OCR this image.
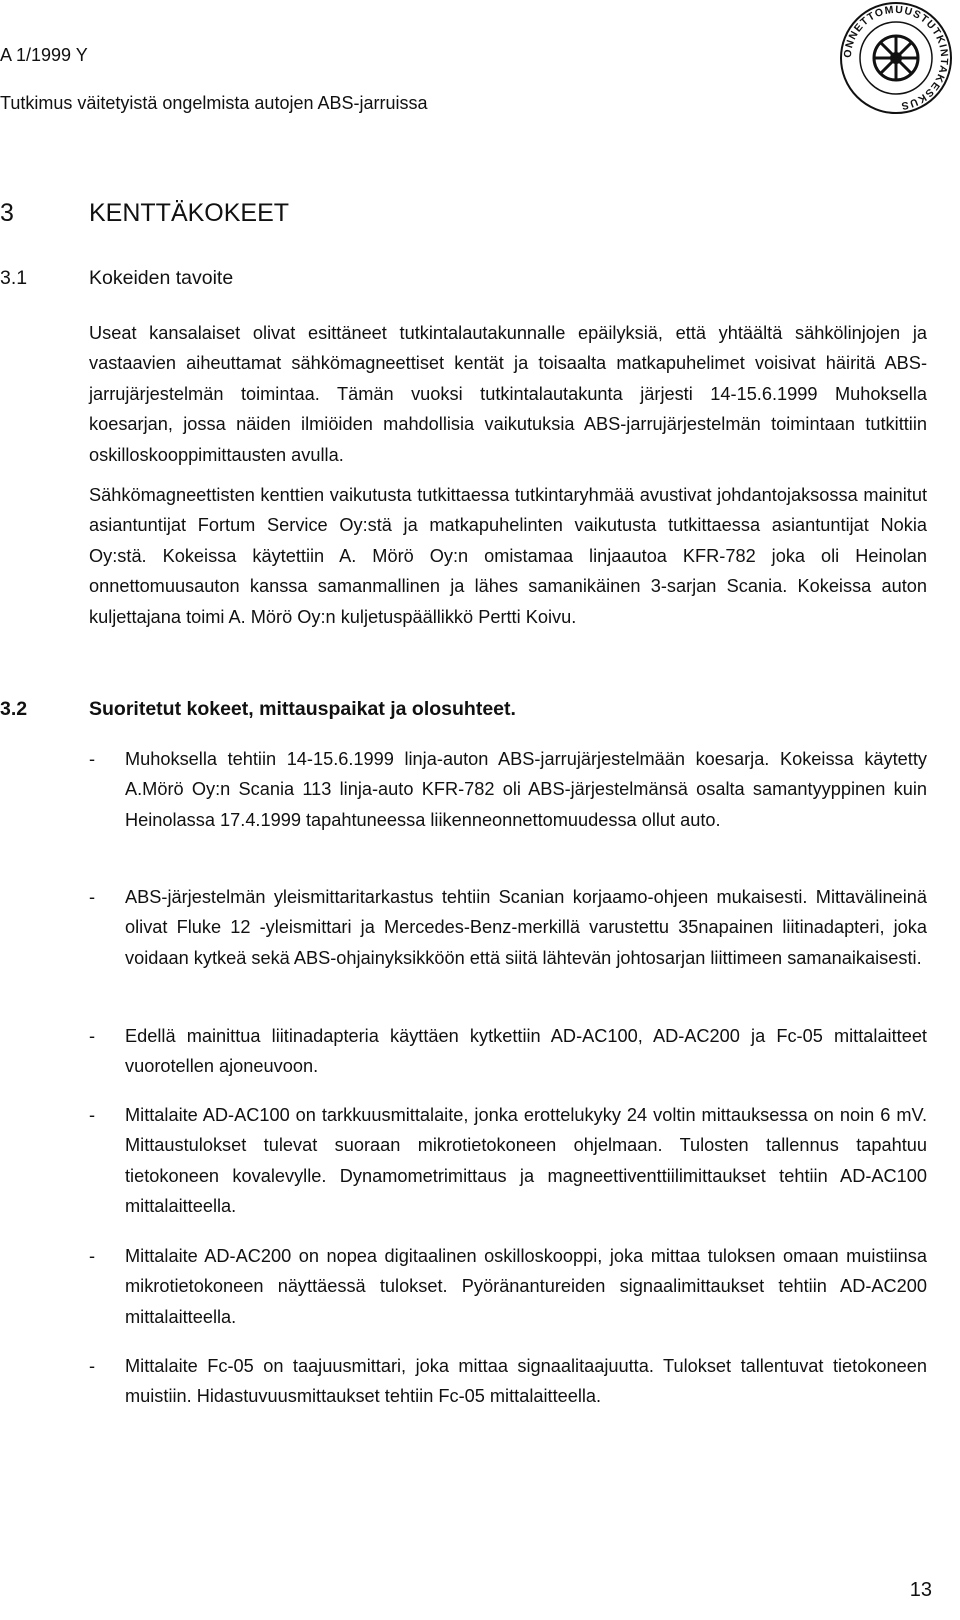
A 1/1999 Y
Tutkimus väitetyistä ongelmista autojen ABS-jarruissa
ONNETTOMUUSTUTKINTAKESKUS
3	KENTTÄKOKEET
3.1	Kokeiden tavoite

Useat kansalaiset olivat esittäneet tutkintalautakunnalle epäilyksiä, että yhtäältä sähkölinjojen ja vastaavien aiheuttamat sähkömagneettiset kentät ja toisaalta matkapuhelimet voisivat häiritä ABS-jarrujärjestelmän toimintaa. Tämän vuoksi tutkintalautakunta järjesti 14-15.6.1999 Muhoksella koesarjan, jossa näiden ilmiöiden mahdollisia vaikutuksia ABS-jarrujärjestelmän toimintaan tutkittiin oskilloskooppimittausten avulla.

Sähkömagneettisten kenttien vaikutusta tutkittaessa tutkintaryhmää avustivat johdantojaksossa mainitut asiantuntijat Fortum Service Oy:stä ja matkapuhelinten vaikutusta tutkittaessa asiantuntijat Nokia Oy:stä. Kokeissa käytettiin A. Mörö Oy:n omistamaa linjaautoa KFR-782 joka oli Heinolan onnettomuusauton kanssa samanmallinen ja lähes samanikäinen 3-sarjan Scania. Kokeissa auton kuljettajana toimi A. Mörö Oy:n kuljetuspäällikkö Pertti Koivu.

3.2	Suoritetut kokeet, mittauspaikat ja olosuhteet.
- Muhoksella tehtiin 14-15.6.1999 linja-auton ABS-jarrujärjestelmään koesarja. Kokeissa käytetty A.Mörö Oy:n Scania 113 linja-auto KFR-782 oli ABS-järjestelmänsä osalta samantyyppinen kuin Heinolassa 17.4.1999 tapahtuneessa liikenneonnettomuudessa ollut auto.
- ABS-järjestelmän yleismittaritarkastus tehtiin Scanian korjaamo-ohjeen mukaisesti. Mittavälineinä olivat Fluke 12 -yleismittari ja Mercedes-Benz-merkillä varustettu 35napainen liitinadapteri, joka voidaan kytkeä sekä ABS-ohjainyksikköön että siitä lähtevän johtosarjan liittimeen samanaikaisesti.
- Edellä mainittua liitinadapteria käyttäen kytkettiin AD-AC100, AD-AC200 ja Fc-05 mittalaitteet vuorotellen ajoneuvoon.
- Mittalaite AD-AC100 on tarkkuusmittalaite, jonka erottelukyky 24 voltin mittauksessa on noin 6 mV. Mittaustulokset tulevat suoraan mikrotietokoneen ohjelmaan. Tulosten tallennus tapahtuu tietokoneen kovalevylle. Dynamometrimittaus ja magneettiventtiilimittaukset tehtiin AD-AC100 mittalaitteella.
- Mittalaite AD-AC200 on nopea digitaalinen oskilloskooppi, joka mittaa tuloksen omaan muistiinsa mikrotietokoneen näyttäessä tulokset. Pyöränantureiden signaalimittaukset tehtiin AD-AC200 mittalaitteella.
- Mittalaite Fc-05 on taajuusmittari, joka mittaa signaalitaajuutta. Tulokset tallentuvat tietokoneen muistiin. Hidastuvuusmittaukset tehtiin Fc-05 mittalaitteella.
13
